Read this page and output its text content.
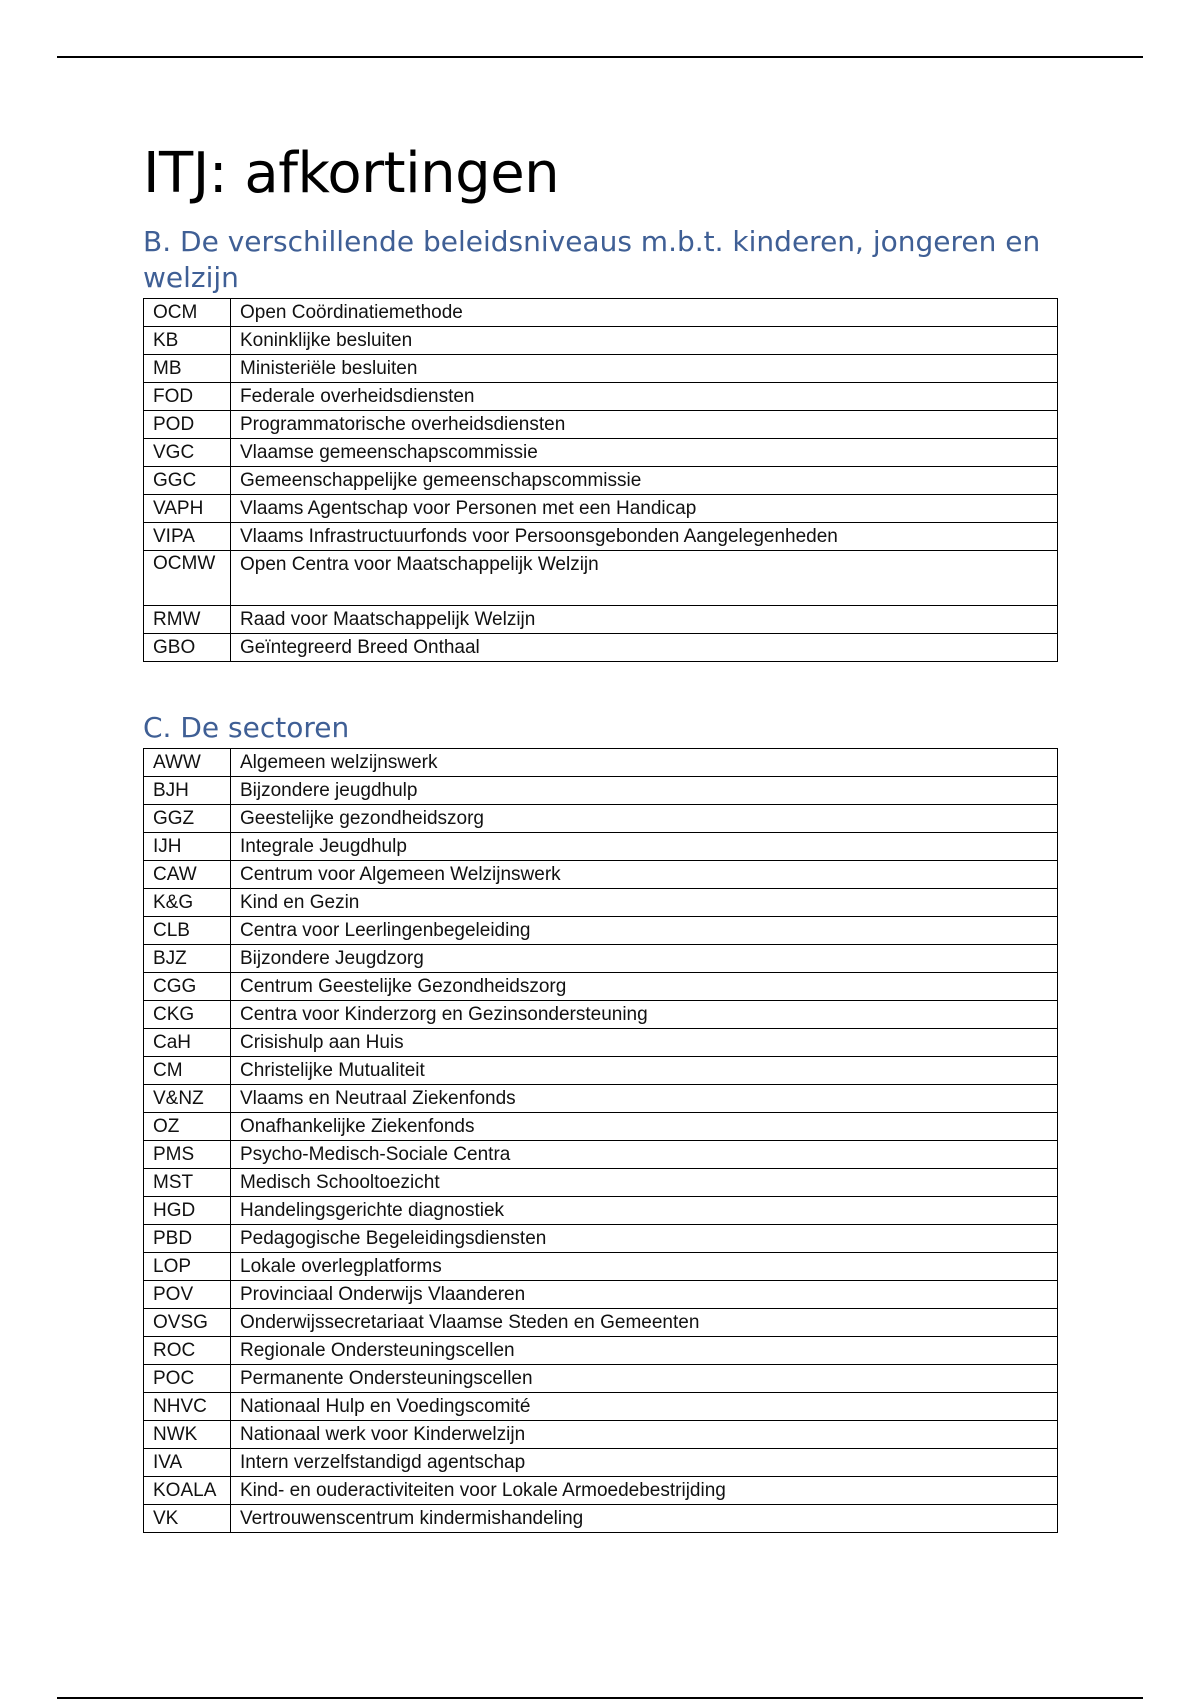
ITJ: afkortingen
B. De verschillende beleidsniveaus m.b.t. kinderen, jongeren en welzijn
OCM	Open Coördinatiemethode
KB	Koninklijke besluiten
MB	Ministeriële besluiten
FOD	Federale overheidsdiensten
POD	Programmatorische overheidsdiensten
VGC	Vlaamse gemeenschapscommissie
GGC	Gemeenschappelijke gemeenschapscommissie
VAPH	Vlaams Agentschap voor Personen met een Handicap
VIPA	Vlaams Infrastructuurfonds voor Persoonsgebonden Aangelegenheden
OCMW	Open Centra voor Maatschappelijk Welzijn
RMW	Raad voor Maatschappelijk Welzijn
GBO	Geïntegreerd Breed Onthaal
C. De sectoren
AWW	Algemeen welzijnswerk
BJH	Bijzondere jeugdhulp
GGZ	Geestelijke gezondheidszorg
IJH	Integrale Jeugdhulp
CAW	Centrum voor Algemeen Welzijnswerk
K&G	Kind en Gezin
CLB	Centra voor Leerlingenbegeleiding
BJZ	Bijzondere Jeugdzorg
CGG	Centrum Geestelijke Gezondheidszorg
CKG	Centra voor Kinderzorg en Gezinsondersteuning
CaH	Crisishulp aan Huis
CM	Christelijke Mutualiteit
V&NZ	Vlaams en Neutraal Ziekenfonds
OZ	Onafhankelijke Ziekenfonds
PMS	Psycho-Medisch-Sociale Centra
MST	Medisch Schooltoezicht
HGD	Handelingsgerichte diagnostiek
PBD	Pedagogische Begeleidingsdiensten
LOP	Lokale overlegplatforms
POV	Provinciaal Onderwijs Vlaanderen
OVSG	Onderwijssecretariaat Vlaamse Steden en Gemeenten
ROC	Regionale Ondersteuningscellen
POC	Permanente Ondersteuningscellen
NHVC	Nationaal Hulp en Voedingscomité
NWK	Nationaal werk voor Kinderwelzijn
IVA	Intern verzelfstandigd agentschap
KOALA	Kind- en ouderactiviteiten voor Lokale Armoedebestrijding
VK	Vertrouwenscentrum kindermishandeling
